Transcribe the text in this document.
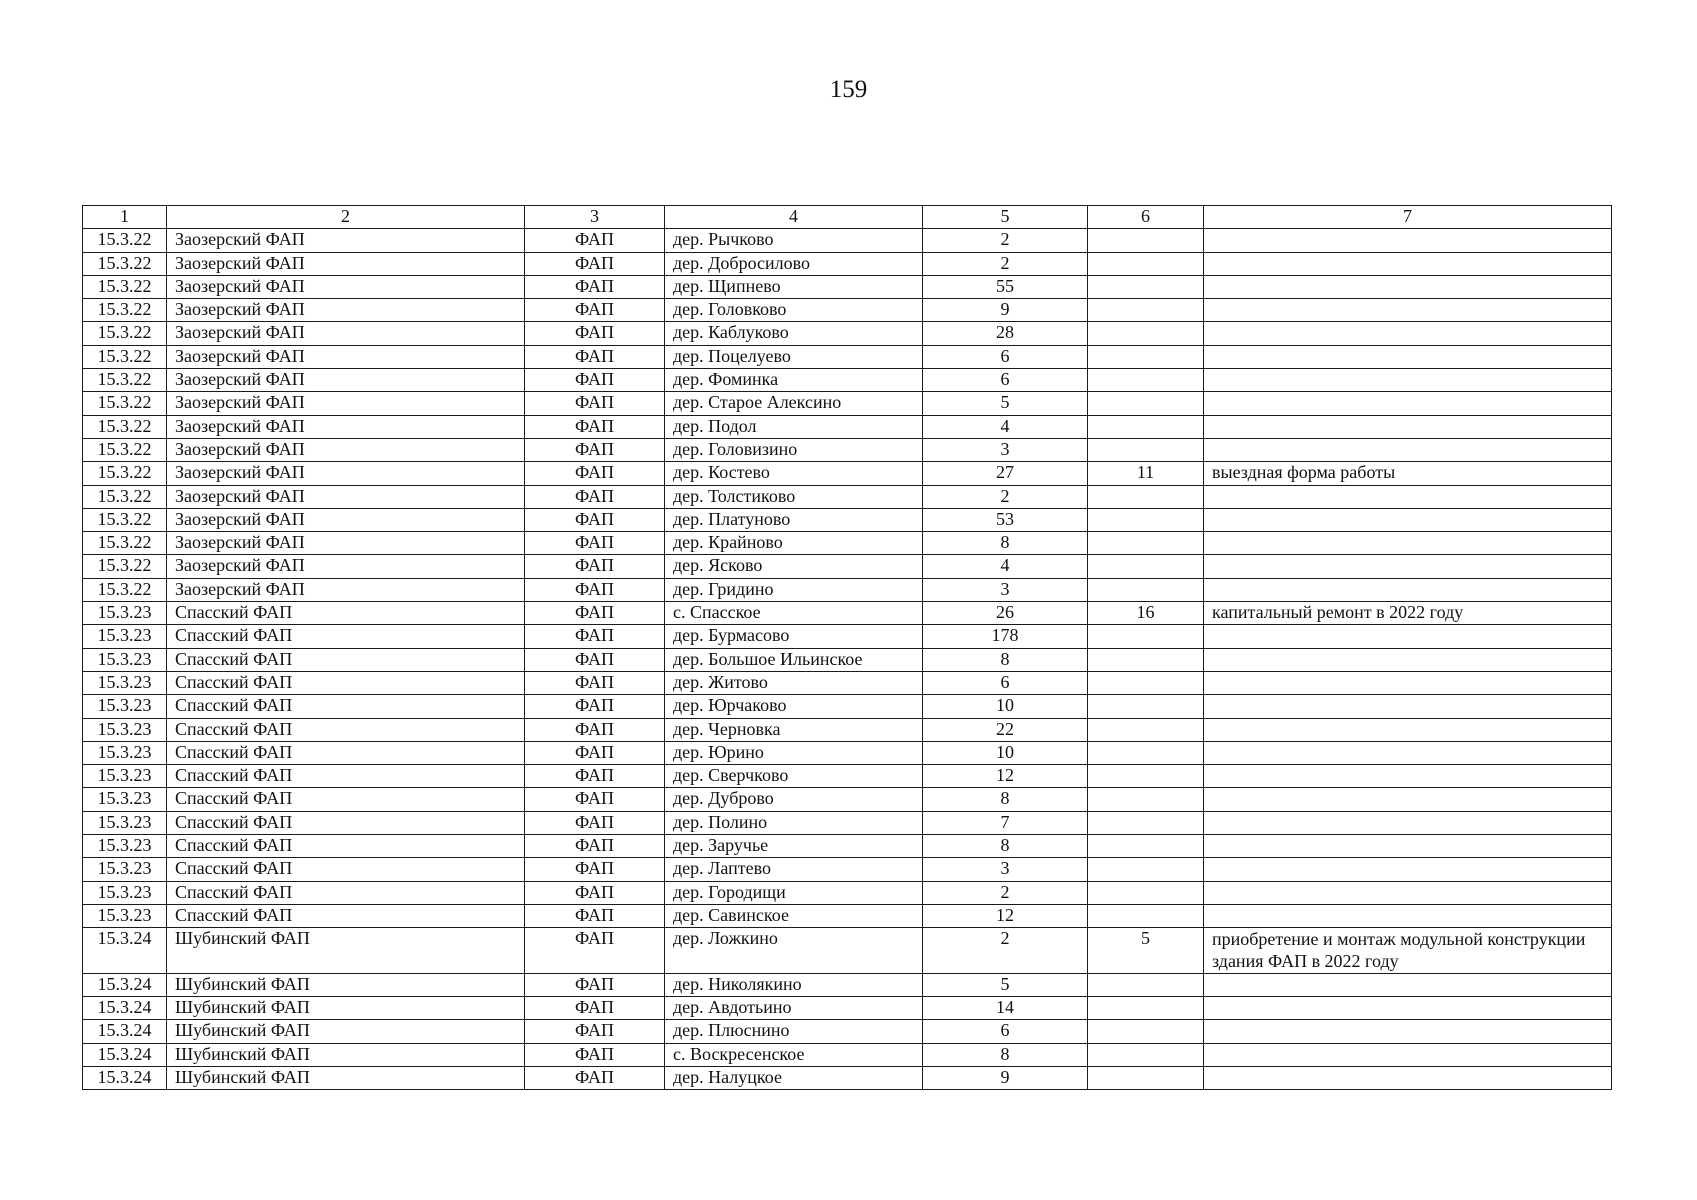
159
1	2	3	4	5	6	7
15.3.22	Заозерский ФАП	ФАП	дер. Рычково	2		
15.3.22	Заозерский ФАП	ФАП	дер. Добросилово	2		
15.3.22	Заозерский ФАП	ФАП	дер. Щипнево	55		
15.3.22	Заозерский ФАП	ФАП	дер. Головково	9		
15.3.22	Заозерский ФАП	ФАП	дер. Каблуково	28		
15.3.22	Заозерский ФАП	ФАП	дер. Поцелуево	6		
15.3.22	Заозерский ФАП	ФАП	дер. Фоминка	6		
15.3.22	Заозерский ФАП	ФАП	дер. Старое Алексино	5		
15.3.22	Заозерский ФАП	ФАП	дер. Подол	4		
15.3.22	Заозерский ФАП	ФАП	дер. Головизино	3		
15.3.22	Заозерский ФАП	ФАП	дер. Костево	27	11	выездная форма работы
15.3.22	Заозерский ФАП	ФАП	дер. Толстиково	2		
15.3.22	Заозерский ФАП	ФАП	дер. Платуново	53		
15.3.22	Заозерский ФАП	ФАП	дер. Крайново	8		
15.3.22	Заозерский ФАП	ФАП	дер. Ясково	4		
15.3.22	Заозерский ФАП	ФАП	дер. Гридино	3		
15.3.23	Спасский ФАП	ФАП	с. Спасское	26	16	капитальный ремонт в 2022 году
15.3.23	Спасский ФАП	ФАП	дер. Бурмасово	178		
15.3.23	Спасский ФАП	ФАП	дер. Большое Ильинское	8		
15.3.23	Спасский ФАП	ФАП	дер. Житово	6		
15.3.23	Спасский ФАП	ФАП	дер. Юрчаково	10		
15.3.23	Спасский ФАП	ФАП	дер. Черновка	22		
15.3.23	Спасский ФАП	ФАП	дер. Юрино	10		
15.3.23	Спасский ФАП	ФАП	дер. Сверчково	12		
15.3.23	Спасский ФАП	ФАП	дер. Дуброво	8		
15.3.23	Спасский ФАП	ФАП	дер. Полино	7		
15.3.23	Спасский ФАП	ФАП	дер. Заручье	8		
15.3.23	Спасский ФАП	ФАП	дер. Лаптево	3		
15.3.23	Спасский ФАП	ФАП	дер. Городищи	2		
15.3.23	Спасский ФАП	ФАП	дер. Савинское	12		
15.3.24	Шубинский ФАП	ФАП	дер. Ложкино	2	5	приобретение и монтаж модульной конструкции здания ФАП в 2022 году
15.3.24	Шубинский ФАП	ФАП	дер. Николякино	5		
15.3.24	Шубинский ФАП	ФАП	дер. Авдотьино	14		
15.3.24	Шубинский ФАП	ФАП	дер. Плюснино	6		
15.3.24	Шубинский ФАП	ФАП	с. Воскресенское	8		
15.3.24	Шубинский ФАП	ФАП	дер. Налуцкое	9		
